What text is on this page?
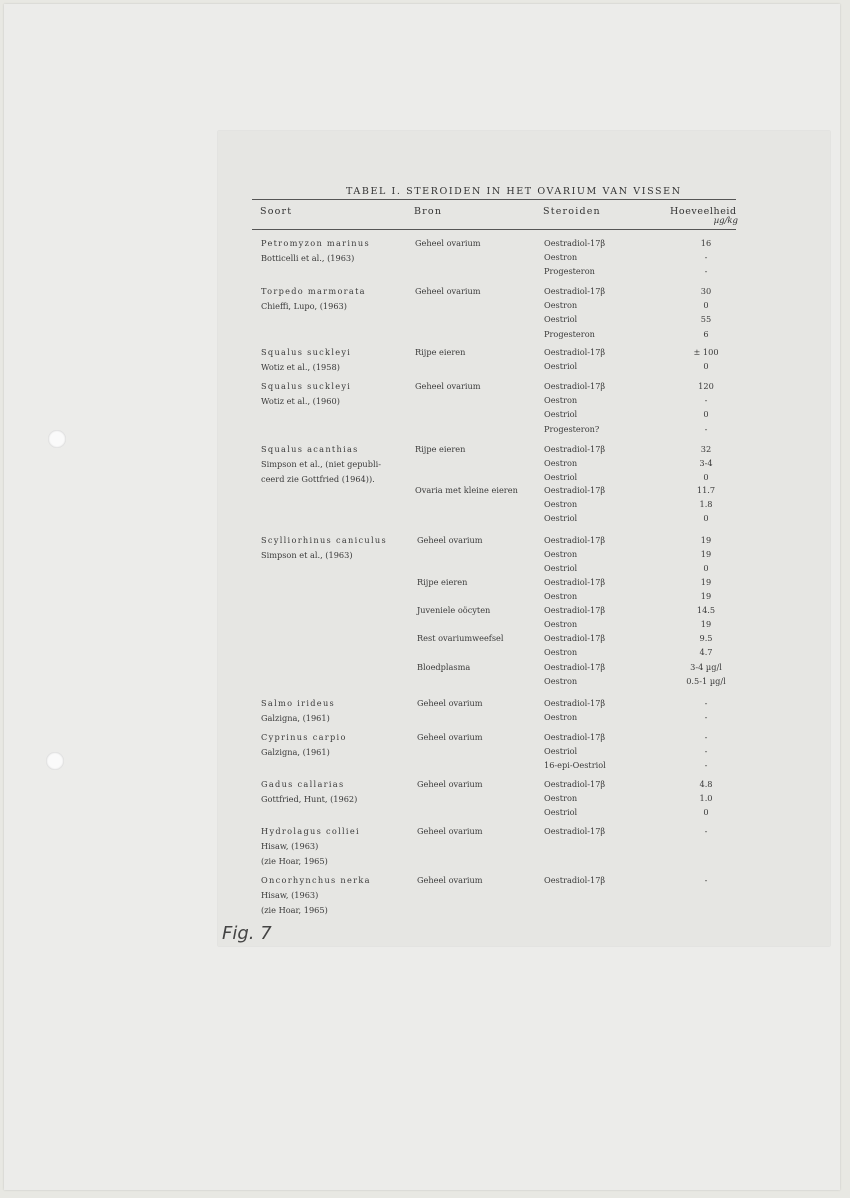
TABEL I. STEROIDEN IN HET OVARIUM VAN VISSEN
Soort	Bron	Steroiden	Hoeveelheid
µg/kg
Petromyzon marinus
Botticelli et al., (1963)
Geheel ovarium	Oestradiol-17β	16
Oestron	-
Progesteron	-
Torpedo marmorata
Chieffi, Lupo, (1963)
Geheel ovarium	Oestradiol-17β	30
Oestron	0
Oestriol	55
Progesteron	6
Squalus suckleyi
Wotiz et al., (1958)
Rijpe eieren	Oestradiol-17β	± 100
Oestriol	0
Squalus suckleyi
Wotiz et al., (1960)
Geheel ovarium	Oestradiol-17β	120
Oestron	-
Oestriol	0
Progesteron?	-
Squalus acanthias
Simpson et al., (niet gepubli-
ceerd zie Gottfried (1964)).
Rijpe eieren	Oestradiol-17β	32
Oestron	3-4
Oestriol	0
Ovaria met kleine eieren	Oestradiol-17β	11.7
Oestron	1.8
Oestriol	0
Scylliorhinus caniculus
Simpson et al., (1963)
Geheel ovarium	Oestradiol-17β	19
Oestron	19
Oestriol	0
Rijpe eieren	Oestradiol-17β	19
Oestron	19
Juveniele oöcyten	Oestradiol-17β	14.5
Oestron	19
Rest ovariumweefsel	Oestradiol-17β	9.5
Oestron	4.7
Bloedplasma	Oestradiol-17β	3-4 µg/l
Oestron	0.5-1 µg/l
Salmo irideus
Galzigna, (1961)
Geheel ovarium	Oestradiol-17β	-
Oestron	-
Cyprinus carpio
Galzigna, (1961)
Geheel ovarium	Oestradiol-17β	-
Oestriol	-
16-epi-Oestriol	-
Gadus callarias
Gottfried, Hunt, (1962)
Geheel ovarium	Oestradiol-17β	4.8
Oestron	1.0
Oestriol	0
Hydrolagus colliei
Hisaw, (1963)
(zie Hoar, 1965)
Geheel ovarium	Oestradiol-17β	-
Oncorhynchus nerka
Hisaw, (1963)
(zie Hoar, 1965)
Geheel ovarium	Oestradiol-17β	-
Fig. 7
